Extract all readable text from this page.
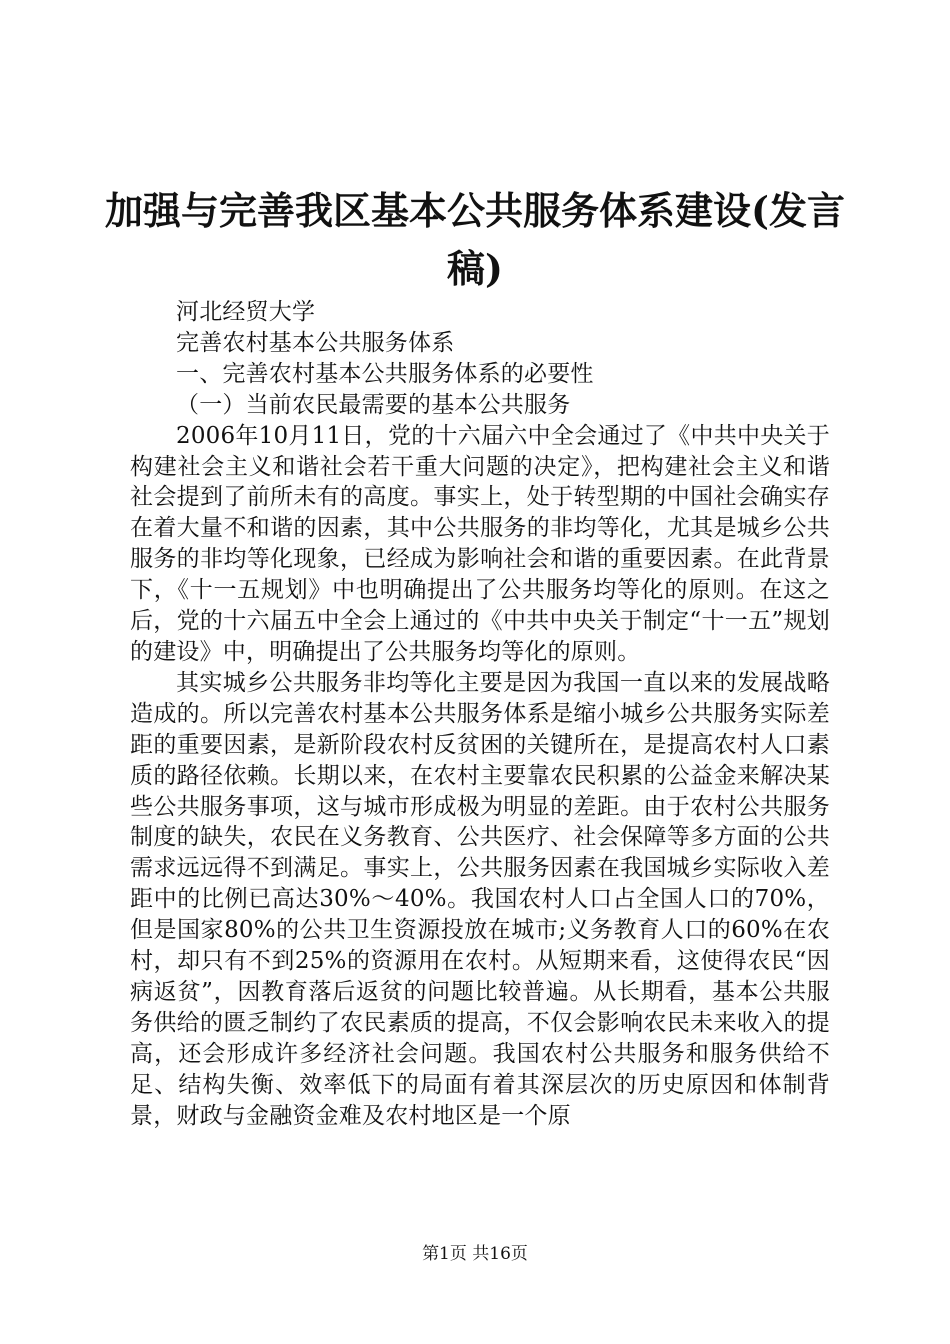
加强与完善我区基本公共服务体系建设(发言稿)

河北经贸大学

完善农村基本公共服务体系

一、完善农村基本公共服务体系的必要性

（一）当前农民最需要的基本公共服务

2006年10月11日，党的十六届六中全会通过了《中共中央关于构建社会主义和谐社会若干重大问题的决定》，把构建社会主义和谐社会提到了前所未有的高度。事实上，处于转型期的中国社会确实存在着大量不和谐的因素，其中公共服务的非均等化，尤其是城乡公共服务的非均等化现象，已经成为影响社会和谐的重要因素。在此背景下，《十一五规划》中也明确提出了公共服务均等化的原则。在这之后，党的十六届五中全会上通过的《中共中央关于制定“十一五”规划的建设》中，明确提出了公共服务均等化的原则。

其实城乡公共服务非均等化主要是因为我国一直以来的发展战略造成的。所以完善农村基本公共服务体系是缩小城乡公共服务实际差距的重要因素，是新阶段农村反贫困的关键所在，是提高农村人口素质的路径依赖。长期以来，在农村主要靠农民积累的公益金来解决某些公共服务事项，这与城市形成极为明显的差距。由于农村公共服务制度的缺失，农民在义务教育、公共医疗、社会保障等多方面的公共需求远远得不到满足。事实上，公共服务因素在我国城乡实际收入差距中的比例已高达30%～40%。我国农村人口占全国人口的70%，但是国家80%的公共卫生资源投放在城市;义务教育人口的60%在农村，却只有不到25%的资源用在农村。从短期来看，这使得农民“因病返贫”，因教育落后返贫的问题比较普遍。从长期看，基本公共服务供给的匮乏制约了农民素质的提高，不仅会影响农民未来收入的提高，还会形成许多经济社会问题。我国农村公共服务和服务供给不足、结构失衡、效率低下的局面有着其深层次的历史原因和体制背景，财政与金融资金难及农村地区是一个原

第1页 共16页
